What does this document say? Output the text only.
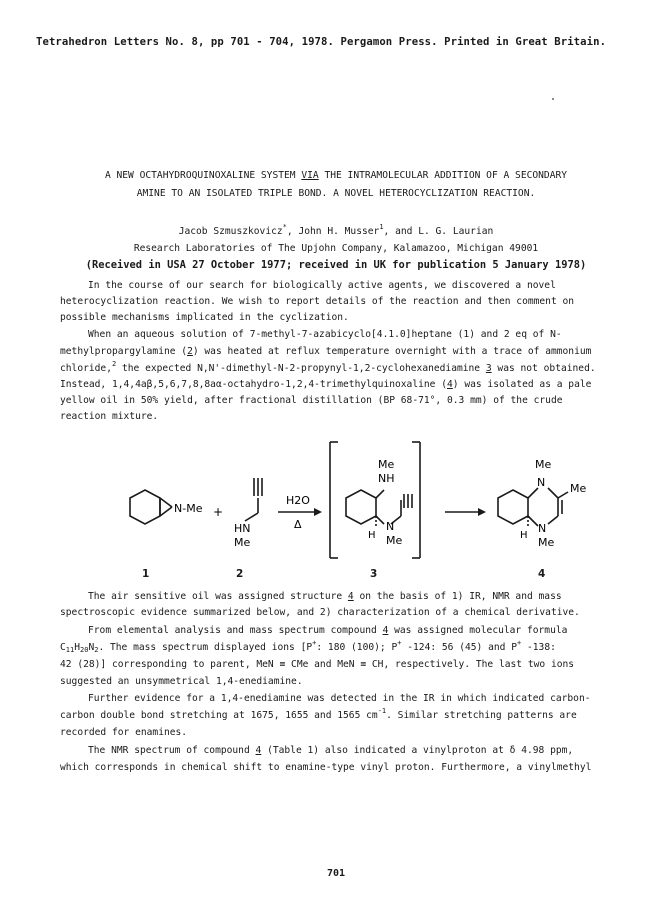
Tetrahedron Letters No. 8, pp 701 - 704, 1978. Pergamon Press. Printed in Great Britain.
A NEW OCTAHYDROQUINOXALINE SYSTEM VIA THE INTRAMOLECULAR ADDITION OF A SECONDARY
AMINE TO AN ISOLATED TRIPLE BOND. A NOVEL HETEROCYCLIZATION REACTION.
Jacob Szmuszkovicz*, John H. Musser$^1$, and L. G. Laurian
Research Laboratories of The Upjohn Company, Kalamazoo, Michigan 49001
(Received in USA 27 October 1977; received in UK for publication 5 January 1978)
In the course of our search for biologically active agents, we discovered a novel
heterocyclization reaction. We wish to report details of the reaction and then comment on
possible mechanisms implicated in the cyclization.
When an aqueous solution of 7-methyl-7-azabicyclo[4.1.0]heptane (1) and 2 eq of N-
methylpropargylamine (2) was heated at reflux temperature overnight with a trace of ammonium
chloride,$^2$ the expected N,N'-dimethyl-N-2-propynyl-1,2-cyclohexanediamine 3 was not obtained.
Instead, 1,4,4aβ,5,6,7,8,8aα-octahydro-1,2,4-trimethylquinoxaline (4) was isolated as a pale
yellow oil in 50% yield, after fractional distillation (BP 68-71°, 0.3 mm) of the crude
reaction mixture.
N-Me +
HN
Me
H2O
Δ
Me
NH
N
H Me
Me
N Me
N
H
Me
1	2	3	4
The air sensitive oil was assigned structure 4 on the basis of 1) IR, NMR and mass
spectroscopic evidence summarized below, and 2) characterization of a chemical derivative.
From elemental analysis and mass spectrum compound 4 was assigned molecular formula
$C_{11}H_{20}N_2$. The mass spectrum displayed ions [P+: 180 (100); P+ -124: 56 (45) and P+ -138:
42 (28)] corresponding to parent, MeN ≡ CMe and MeN ≡ CH, respectively. The last two ions
suggested an unsymmetrical 1,4-enediamine.
Further evidence for a 1,4-enediamine was detected in the IR in which indicated carbon-
carbon double bond stretching at 1675, 1655 and 1565 $cm^{-1}$. Similar stretching patterns are
recorded for enamines.
The NMR spectrum of compound 4 (Table 1) also indicated a vinylproton at δ 4.98 ppm,
which corresponds in chemical shift to enamine-type vinyl proton. Furthermore, a vinylmethyl
701
